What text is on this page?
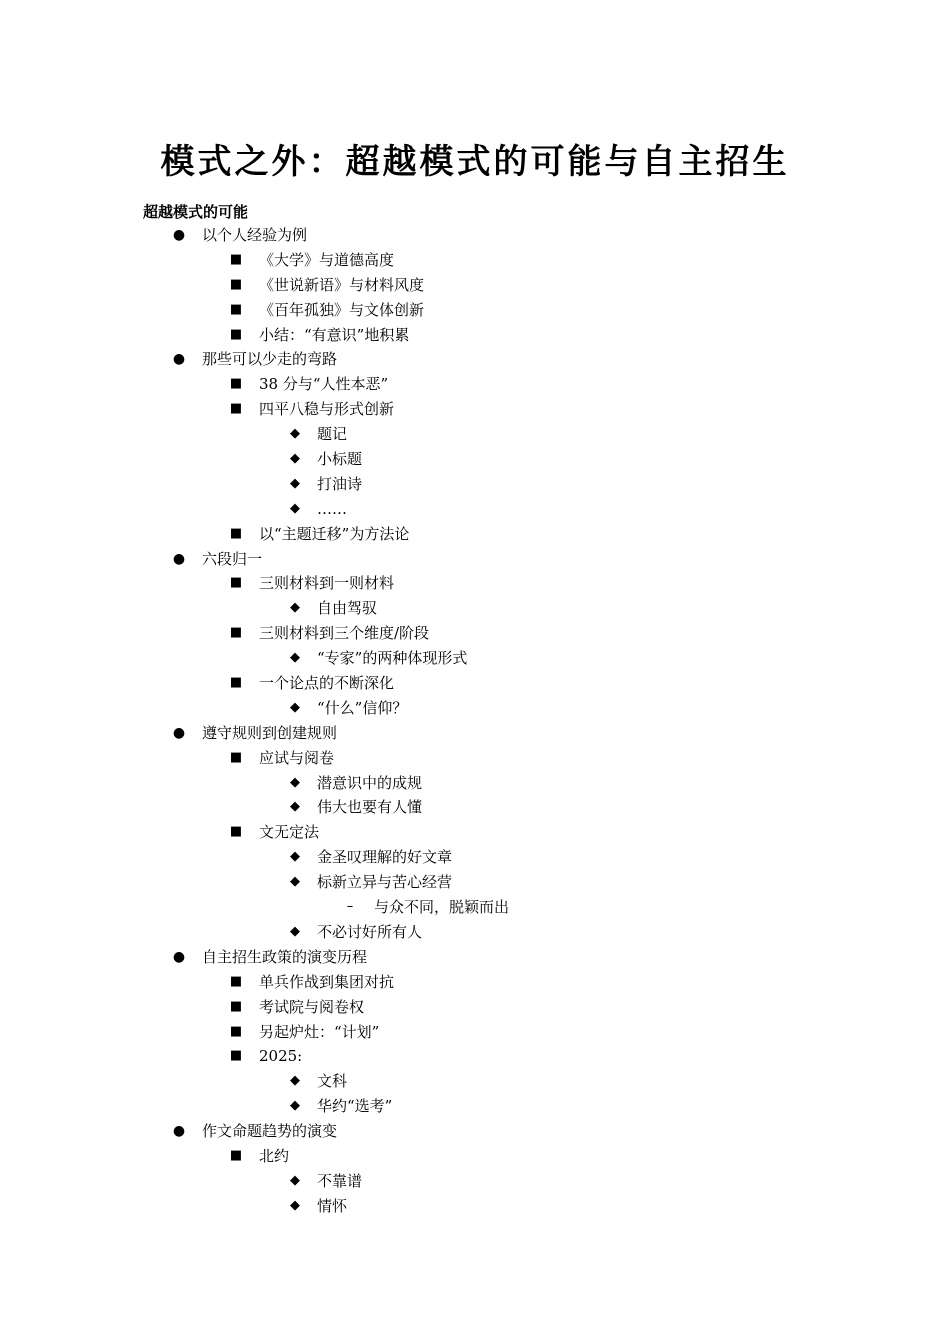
模式之外：超越模式的可能与自主招生

超越模式的可能

● 以个人经验为例
■ 《大学》与道德高度
■ 《世说新语》与材料风度
■ 《百年孤独》与文体创新
■ 小结：“有意识”地积累
● 那些可以少走的弯路
■ 38 分与“人性本恶”
■ 四平八稳与形式创新
◆ 题记
◆ 小标题
◆ 打油诗
◆ ……
■ 以“主题迁移”为方法论
● 六段归一
■ 三则材料到一则材料
◆ 自由驾驭
■ 三则材料到三个维度/阶段
◆ “专家”的两种体现形式
■ 一个论点的不断深化
◆ “什么”信仰？
● 遵守规则到创建规则
■ 应试与阅卷
◆ 潜意识中的成规
◆ 伟大也要有人懂
■ 文无定法
◆ 金圣叹理解的好文章
◆ 标新立异与苦心经营
–	与众不同，脱颖而出
◆ 不必讨好所有人
● 自主招生政策的演变历程
■ 单兵作战到集团对抗
■ 考试院与阅卷权
■ 另起炉灶：“计划”
■ 2025:
◆ 文科
◆ 华约“选考”
● 作文命题趋势的演变
■ 北约
◆ 不靠谱
◆ 情怀
